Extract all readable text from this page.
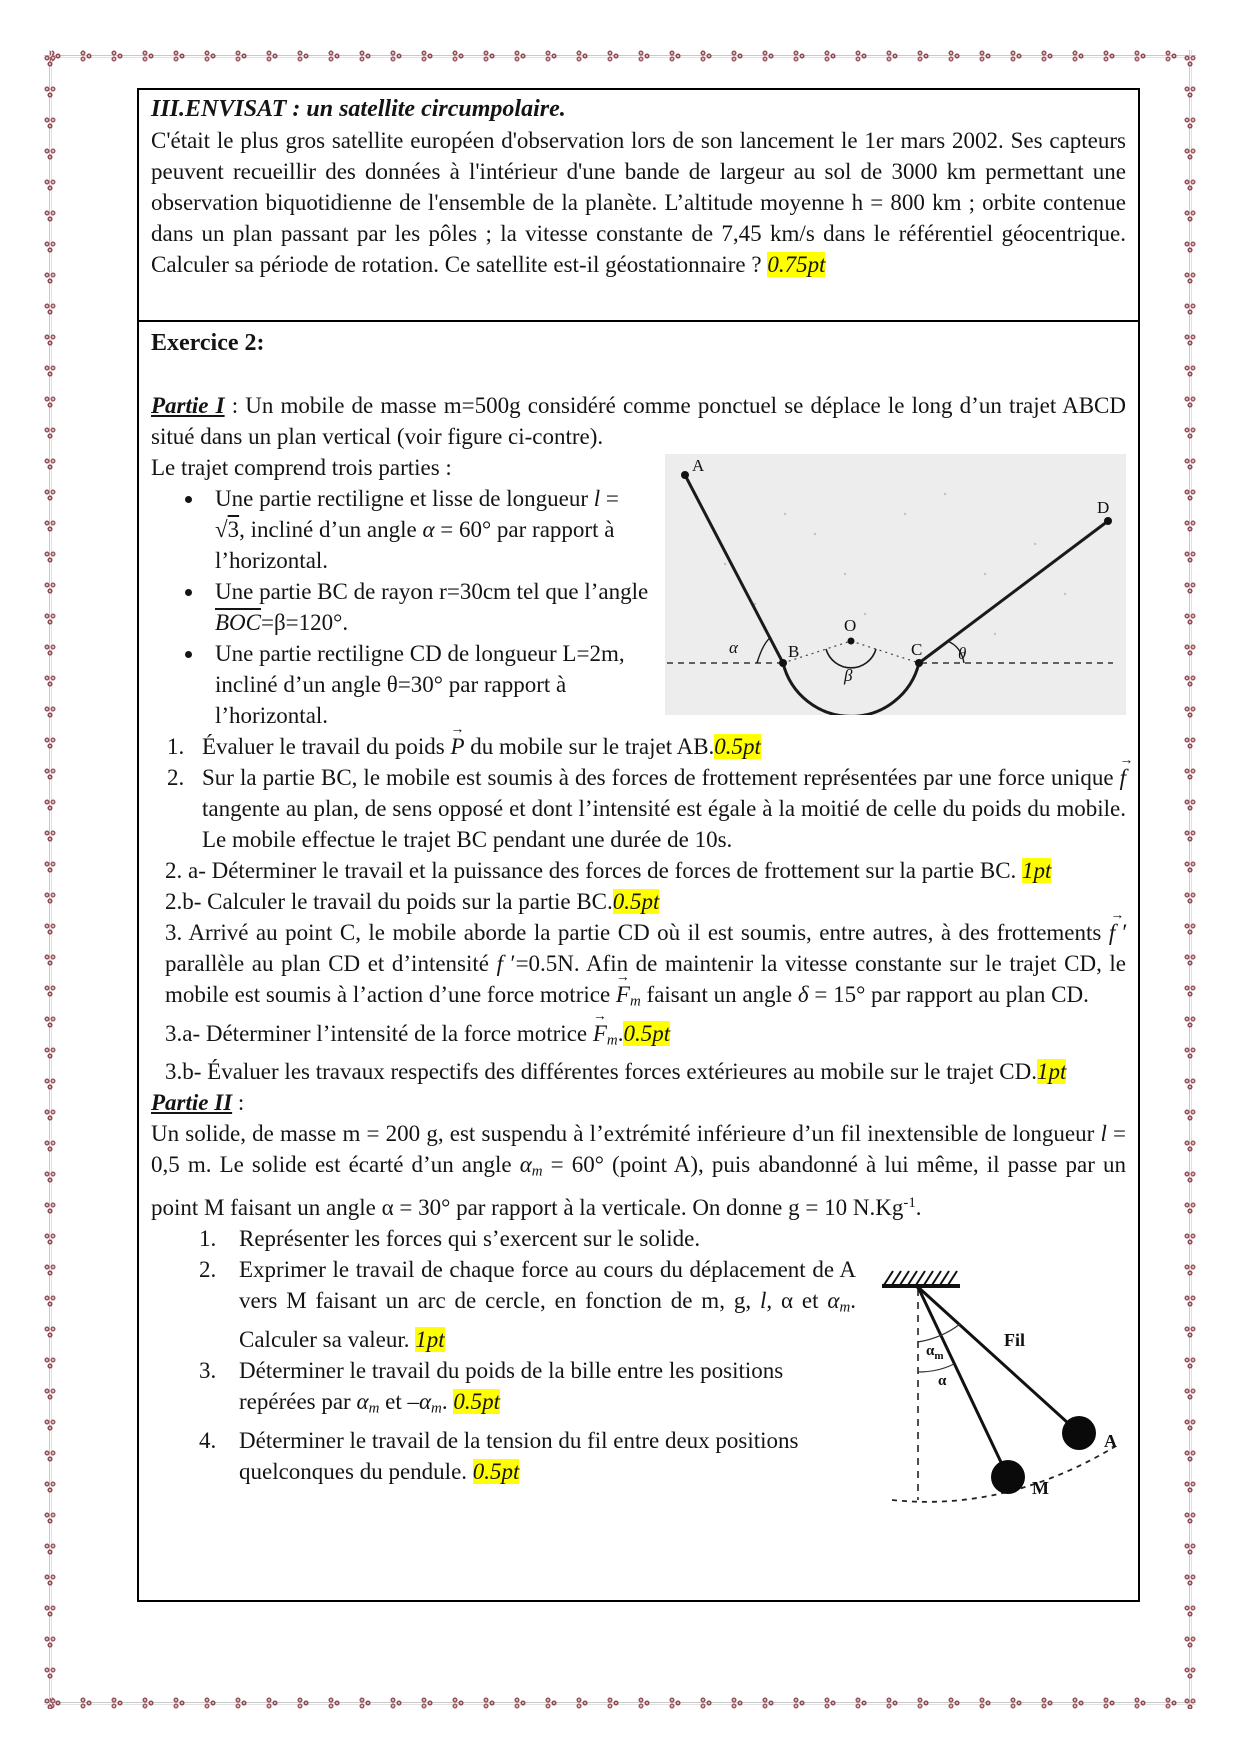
III.ENVISAT : un satellite circumpolaire.

C'était le plus gros satellite européen d'observation lors de son lancement le 1er mars 2002. Ses capteurs peuvent recueillir des données à l'intérieur d'une bande de largeur au sol de 3000 km permettant une observation biquotidienne de l'ensemble de la planète. L’altitude moyenne h = 800 km ; orbite contenue dans un plan passant par les pôles ; la vitesse constante de 7,45 km/s dans le référentiel géocentrique. Calculer sa période de rotation. Ce satellite est-il géostationnaire ? 0.75pt

Exercice 2:

Partie I : Un mobile de masse m=500g considéré comme ponctuel se déplace le long d’un trajet ABCD situé dans un plan vertical (voir figure ci-contre).

A
B	C
D
O
α
β
θ

Le trajet comprend trois parties :

• Une partie rectiligne et lisse de longueur l = √3, incliné d’un angle α = 60° par rapport à l’horizontal.
• Une partie BC de rayon r=30cm tel que l’angle $\overline{BOC}=\beta=120^\circ$.
• Une partie rectiligne CD de longueur L=2m, incliné d’un angle θ=30° par rapport à l’horizontal.

1. Évaluer le travail du poids P → du mobile sur le trajet AB.0.5pt

2. Sur la partie BC, le mobile est soumis à des forces de frottement représentées par une force unique f → tangente au plan, de sens opposé et dont l’intensité est égale à la moitié de celle du poids du mobile. Le mobile effectue le trajet BC pendant une durée de 10s.

2. a- Déterminer le travail et la puissance des forces de forces de frottement sur la partie BC. 1pt

2.b- Calculer le travail du poids sur la partie BC.0.5pt

3. Arrivé au point C, le mobile aborde la partie CD où il est soumis, entre autres, à des frottements f ′ → parallèle au plan CD et d’intensité f ′=0.5N. Afin de maintenir la vitesse constante sur le trajet CD, le mobile est soumis à l’action d’une force motrice $F \to_m$ faisant un angle δ = 15° par rapport au plan CD.

3.a- Déterminer l’intensité de la force motrice $F \to_m.0.5pt$

3.b- Évaluer les travaux respectifs des différentes forces extérieures au mobile sur le trajet CD.1pt

Partie II :

Un solide, de masse m = 200 g, est suspendu à l’extrémité inférieure d’un fil inextensible de longueur l = 0,5 m. Le solide est écarté d’un angle $\alpha_m = 60^\circ$ (point A), puis abandonné à lui même, il passe par un point M faisant un angle α = 30° par rapport à la verticale. On donne g = 10 $N.Kg^{-1}$.

1. Représenter les forces qui s’exercent sur le solide.

Fil
A
M
$\alpha_m$
α

2. Exprimer le travail de chaque force au cours du déplacement de A vers M faisant un arc de cercle, en fonction de m, g, l, α et $\alpha_m$. Calculer sa valeur. 1pt

3. Déterminer le travail du poids de la bille entre les positions repérées par $\alpha_m$ et $-\alpha_m$. 0.5pt

4. Déterminer le travail de la tension du fil entre deux positions quelconques du pendule. 0.5pt
